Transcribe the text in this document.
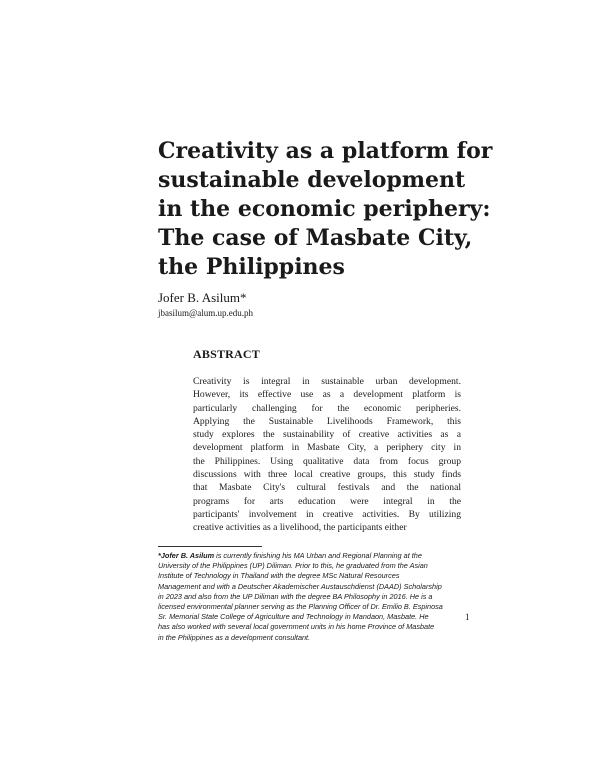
Creativity as a platform for
sustainable development
in the economic periphery:
The case of Masbate City,
the Philippines
Jofer B. Asilum*
jbasilum@alum.up.edu.ph
ABSTRACT
Creativity is integral in sustainable urban development.
However, its effective use as a development platform is
particularly challenging for the economic peripheries.
Applying the Sustainable Livelihoods Framework, this
study explores the sustainability of creative activities as a
development platform in Masbate City, a periphery city in
the Philippines. Using qualitative data from focus group
discussions with three local creative groups, this study finds
that Masbate City's cultural festivals and the national
programs for arts education were integral in the
participants' involvement in creative activities. By utilizing
creative activities as a livelihood, the participants either
*Jofer B. Asilum is currently finishing his MA Urban and Regional Planning at the
University of the Philippines (UP) Diliman. Prior to this, he graduated from the Asian
Institute of Technology in Thailand with the degree MSc Natural Resources
Management and with a Deutscher Akademischer Austauschdienst (DAAD) Scholarship
in 2023 and also from the UP Diliman with the degree BA Philosophy in 2016. He is a
licensed environmental planner serving as the Planning Officer of Dr. Emilio B. Espinosa
Sr. Memorial State College of Agriculture and Technology in Mandaon, Masbate. He
has also worked with several local government units in his home Province of Masbate
in the Philippines as a development consultant.
1
